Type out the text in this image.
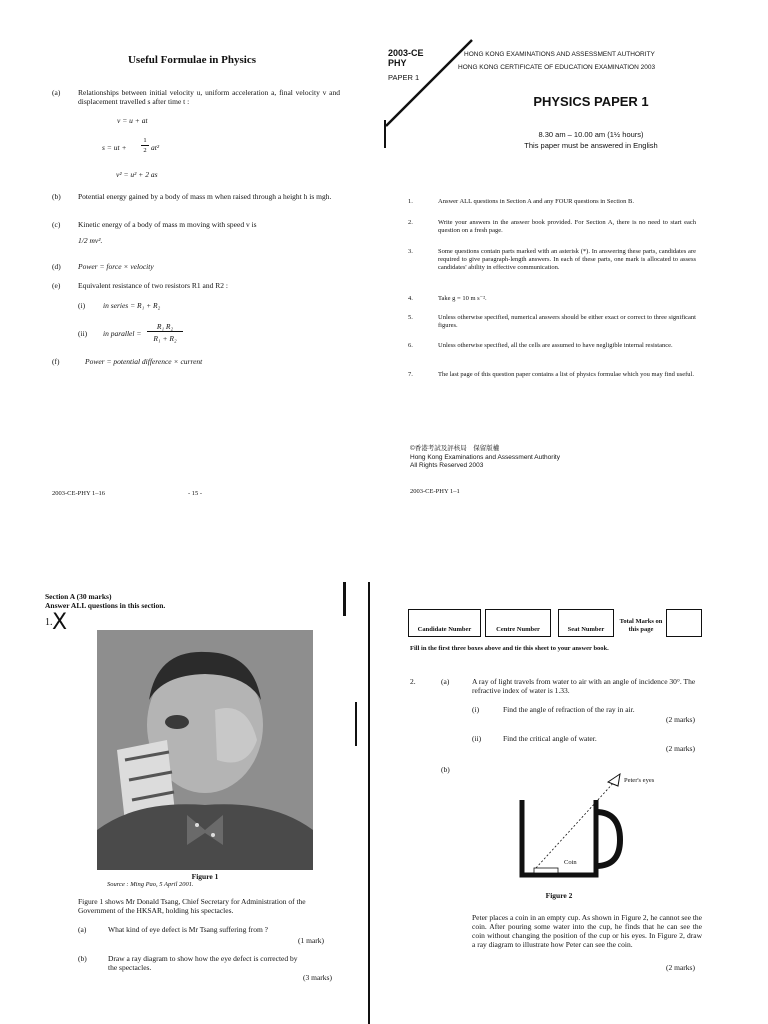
Useful Formulae in Physics
(a) Relationships between initial velocity u, uniform acceleration a, final velocity v and displacement travelled s after time t :
v = u + at
s = ut +
1
2 at²
v² = u² + 2 as
(b) Potential energy gained by a body of mass m when raised through a height h is mgh.
(c) Kinetic energy of a body of mass m moving with speed v is
1/2 mv².
(d) Power = force × velocity
(e) Equivalent resistance of two resistors R1 and R2 :
(i) in series = R₁ + R₂
(ii) in parallel =
R₁ R₂
R₁ + R₂
(f)	Power = potential difference × current
2003-CE-PHY 1–16	- 15 -
2003-CE
PHY
PAPER 1
HONG KONG EXAMINATIONS AND ASSESSMENT AUTHORITY
HONG KONG CERTIFICATE OF EDUCATION EXAMINATION 2003
PHYSICS PAPER 1
8.30 am – 10.00 am (1½ hours)
This paper must be answered in English
1.	Answer ALL questions in Section A and any FOUR questions in Section B.
2.	Write your answers in the answer book provided. For Section A, there is no need to start each question on a fresh page.
3.	Some questions contain parts marked with an asterisk (*). In answering these parts, candidates are required to give paragraph-length answers. In each of these parts, one mark is allocated to assess candidates' ability in effective communication.
4.	Take g = 10 m s⁻².
5.	Unless otherwise specified, numerical answers should be either exact or correct to three significant figures.
6.	Unless otherwise specified, all the cells are assumed to have negligible internal resistance.
7.	The last page of this question paper contains a list of physics formulae which you may find useful.
©香港考試及評核局　保留版權
Hong Kong Examinations and Assessment Authority
All Rights Reserved 2003
2003-CE-PHY 1–1
Section A (30 marks)
Answer ALL questions in this section.
1. X
Figure 1
Source : Ming Pao, 5 April 2001.
Figure 1 shows Mr Donald Tsang, Chief Secretary for Administration of the Government of the HKSAR, holding his spectacles.
(a)	What kind of eye defect is Mr Tsang suffering from ?
(1 mark)
(b)	Draw a ray diagram to show how the eye defect is corrected by the spectacles.
(3 marks)
Candidate Number	Centre Number	Seat Number
Total Marks on this page
Fill in the first three boxes above and tie this sheet to your answer book.
2.	(a)	A ray of light travels from water to air with an angle of incidence 30°. The refractive index of water is 1.33.
(i)	Find the angle of refraction of the ray in air.
(2 marks)
(ii)	Find the critical angle of water.
(2 marks)
(b)
Peter's eyes
Coin
Figure 2
Peter places a coin in an empty cup. As shown in Figure 2, he cannot see the coin. After pouring some water into the cup, he finds that he can see the coin without changing the position of the cup or his eyes. In Figure 2, draw a ray diagram to illustrate how Peter can see the coin.
(2 marks)
